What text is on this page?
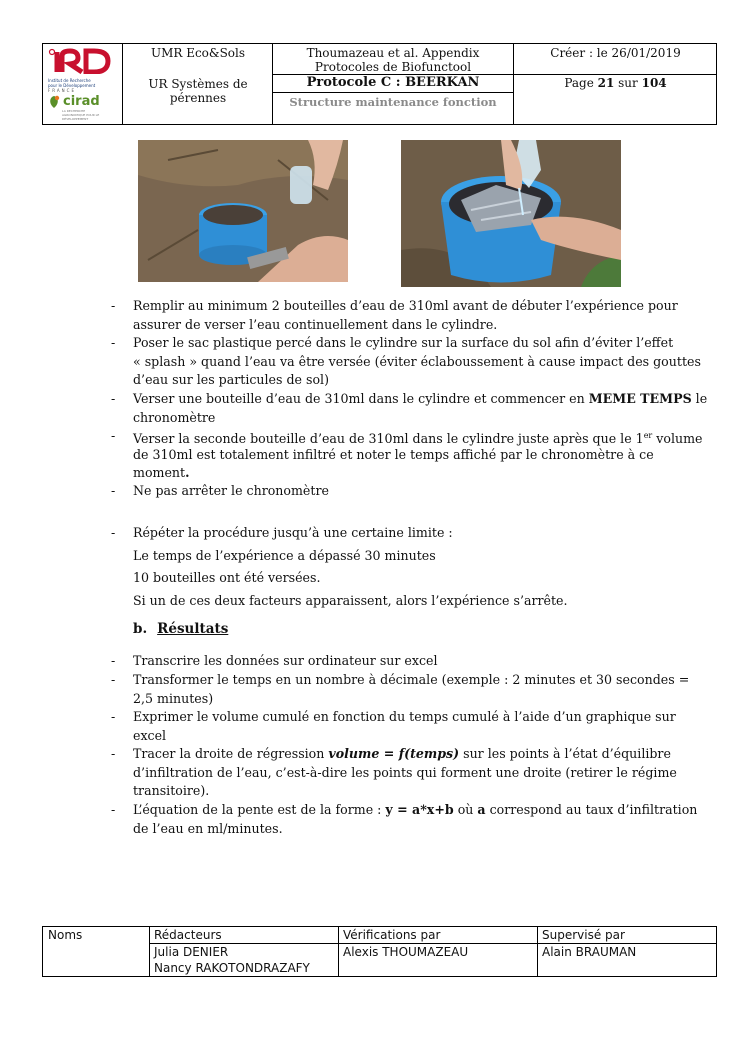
Institut de Recherche pour le Développement
FRANCE
cirad
LA RECHERCHE AGRONOMIQUE POUR LE DÉVELOPPEMENT
UMR Eco&Sols
UR Systèmes de pérennes
Thoumazeau et al. Appendix
Protocoles de Biofunctool
Protocole C : BEERKAN
Structure maintenance fonction
Créer : le 26/01/2019
Page 21 sur 104
- Remplir au minimum 2 bouteilles d’eau de 310ml avant de débuter l’expérience pour
assurer de verser l’eau continuellement dans le cylindre.
- Poser le sac plastique percé dans le cylindre sur la surface du sol afin d’éviter l’effet
« splash » quand l’eau va être versée (éviter éclaboussement à cause impact des gouttes
d’eau sur les particules de sol)
- Verser une bouteille d’eau de 310ml dans le cylindre et commencer en MEME TEMPS le
chronomètre
- Verser la seconde bouteille d’eau de 310ml dans le cylindre juste après que le 1er volume
de 310ml est totalement infiltré et noter le temps affiché par le chronomètre à ce
moment.
- Ne pas arrêter le chronomètre
- Répéter la procédure jusqu’à une certaine limite :
Le temps de l’expérience a dépassé 30 minutes
10 bouteilles ont été versées.
Si un de ces deux facteurs apparaissent, alors l’expérience s’arrête.
b. Résultats
- Transcrire les données sur ordinateur sur excel
- Transformer le temps en un nombre à décimale (exemple : 2 minutes et 30 secondes =
2,5 minutes)
- Exprimer le volume cumulé en fonction du temps cumulé à l’aide d’un graphique sur
excel
- Tracer la droite de régression volume = f(temps) sur les points à l’état d’équilibre
d’infiltration de l’eau, c’est-à-dire les points qui forment une droite (retirer le régime
transitoire).
- L’équation de la pente est de la forme : y = a*x+b où a correspond au taux d’infiltration
de l’eau en ml/minutes.
Noms	Rédacteurs
Julia DENIER
Nancy RAKOTONDRAZAFY
Vérifications par
Alexis THOUMAZEAU
Supervisé par
Alain BRAUMAN
